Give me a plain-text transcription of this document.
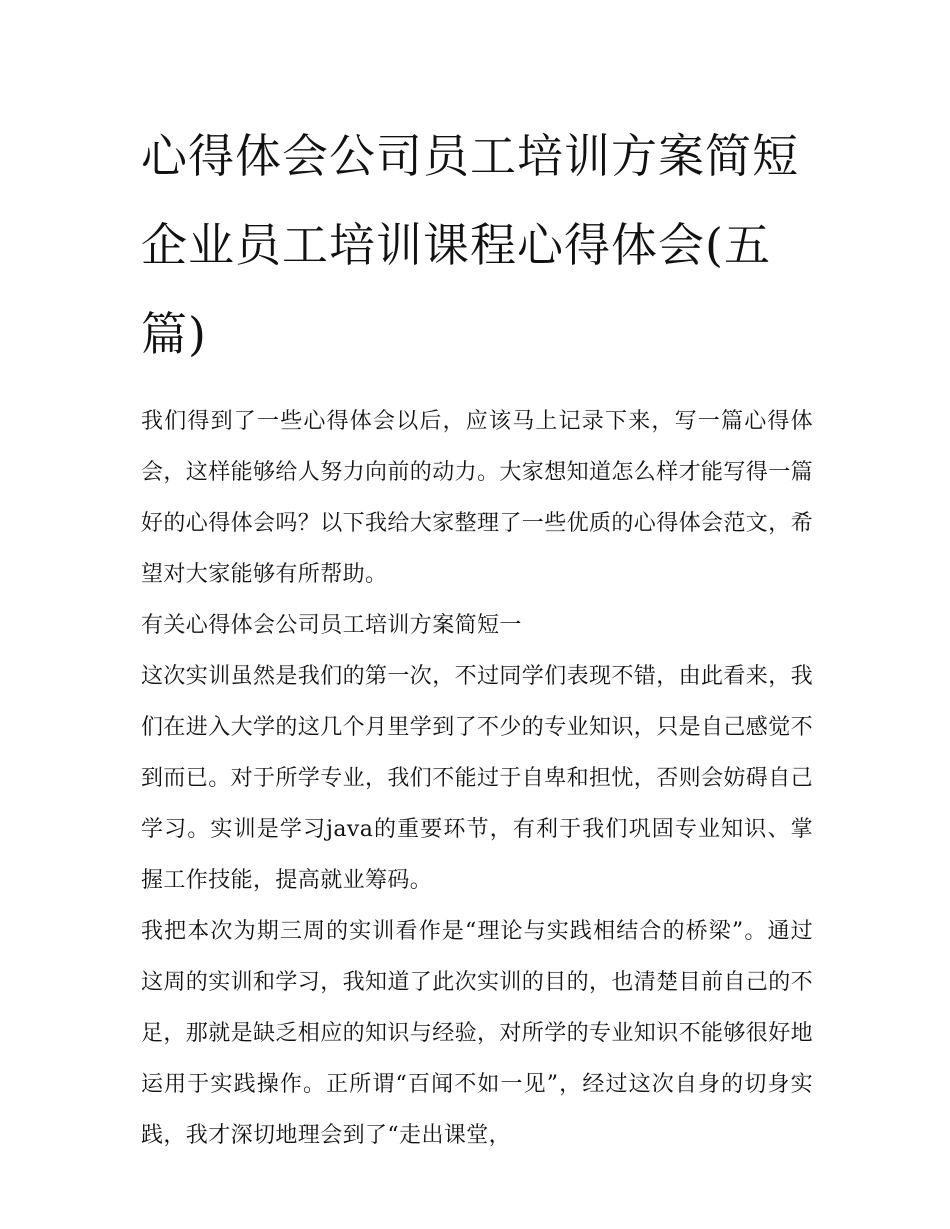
心得体会公司员工培训方案简短 企业员工培训课程心得体会(五篇)

我们得到了一些心得体会以后，应该马上记录下来，写一篇心得体会，这样能够给人努力向前的动力。大家想知道怎么样才能写得一篇好的心得体会吗？以下我给大家整理了一些优质的心得体会范文，希望对大家能够有所帮助。

有关心得体会公司员工培训方案简短一

这次实训虽然是我们的第一次，不过同学们表现不错，由此看来，我们在进入大学的这几个月里学到了不少的专业知识，只是自己感觉不到而已。对于所学专业，我们不能过于自卑和担忧，否则会妨碍自己学习。实训是学习java的重要环节，有利于我们巩固专业知识、掌握工作技能，提高就业筹码。

我把本次为期三周的实训看作是“理论与实践相结合的桥梁”。通过这周的实训和学习，我知道了此次实训的目的，也清楚目前自己的不足，那就是缺乏相应的知识与经验，对所学的专业知识不能够很好地运用于实践操作。正所谓“百闻不如一见”，经过这次自身的切身实践，我才深切地理会到了“走出课堂，
